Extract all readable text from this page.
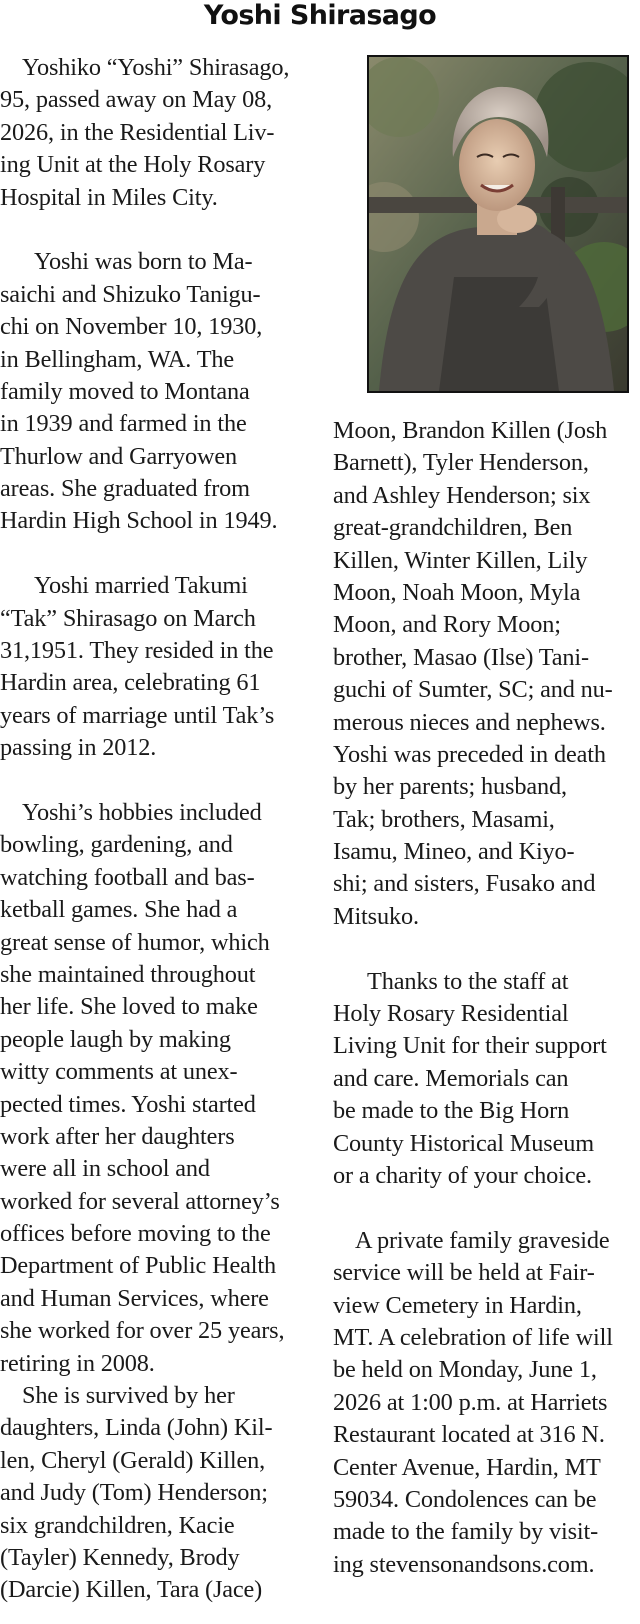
Yoshi Shirasago
Yoshiko “Yoshi” Shirasago,
95, passed away on May 08,
2026, in the Residential Liv-
ing Unit at the Holy Rosary
Hospital in Miles City.
Yoshi was born to Ma-
saichi and Shizuko Tanigu-
chi on November 10, 1930,
in Bellingham, WA. The
family moved to Montana
in 1939 and farmed in the
Thurlow and Garryowen
areas. She graduated from
Hardin High School in 1949.
Yoshi married Takumi
“Tak” Shirasago on March
31,1951. They resided in the
Hardin area, celebrating 61
years of marriage until Tak’s
passing in 2012.
Yoshi’s hobbies included
bowling, gardening, and
watching football and bas-
ketball games. She had a
great sense of humor, which
she maintained throughout
her life. She loved to make
people laugh by making
witty comments at unex-
pected times. Yoshi started
work after her daughters
were all in school and
worked for several attorney’s
offices before moving to the
Department of Public Health
and Human Services, where
she worked for over 25 years,
retiring in 2008.
She is survived by her
daughters, Linda (John) Kil-
len, Cheryl (Gerald) Killen,
and Judy (Tom) Henderson;
six grandchildren, Kacie
(Tayler) Kennedy, Brody
(Darcie) Killen, Tara (Jace)
Moon, Brandon Killen (Josh
Barnett), Tyler Henderson,
and Ashley Henderson; six
great-grandchildren, Ben
Killen, Winter Killen, Lily
Moon, Noah Moon, Myla
Moon, and Rory Moon;
brother, Masao (Ilse) Tani-
guchi of Sumter, SC; and nu-
merous nieces and nephews.
Yoshi was preceded in death
by her parents; husband,
Tak; brothers, Masami,
Isamu, Mineo, and Kiyo-
shi; and sisters, Fusako and
Mitsuko.
Thanks to the staff at
Holy Rosary Residential
Living Unit for their support
and care. Memorials can
be made to the Big Horn
County Historical Museum
or a charity of your choice.
A private family graveside
service will be held at Fair-
view Cemetery in Hardin,
MT. A celebration of life will
be held on Monday, June 1,
2026 at 1:00 p.m. at Harriets
Restaurant located at 316 N.
Center Avenue, Hardin, MT
59034. Condolences can be
made to the family by visit-
ing stevensonandsons.com.
